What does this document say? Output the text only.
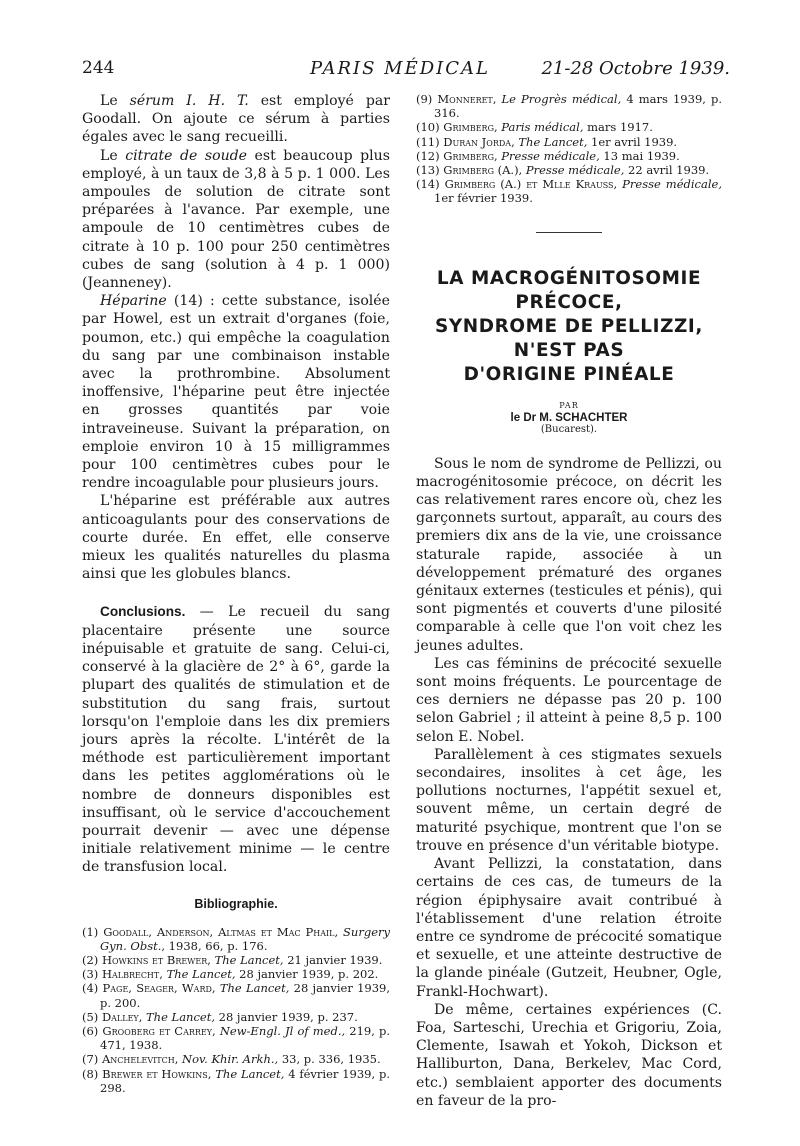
244	PARIS MÉDICAL	21-28 Octobre 1939.

Le sérum I. H. T. est employé par Goodall. On ajoute ce sérum à parties égales avec le sang recueilli.

Le citrate de soude est beaucoup plus employé, à un taux de 3,8 à 5 p. 1 000. Les ampoules de solution de citrate sont préparées à l'avance. Par exemple, une ampoule de 10 centimètres cubes de citrate à 10 p. 100 pour 250 centimètres cubes de sang (solution à 4 p. 1 000) (Jeanneney).

Héparine (14) : cette substance, isolée par Howel, est un extrait d'organes (foie, poumon, etc.) qui empêche la coagulation du sang par une combinaison instable avec la prothrombine. Absolument inoffensive, l'héparine peut être injectée en grosses quantités par voie intraveineuse. Suivant la préparation, on emploie environ 10 à 15 milligrammes pour 100 centimètres cubes pour le rendre incoagulable pour plusieurs jours.

L'héparine est préférable aux autres anticoagulants pour des conservations de courte durée. En effet, elle conserve mieux les qualités naturelles du plasma ainsi que les globules blancs.

Conclusions. — Le recueil du sang placentaire présente une source inépuisable et gratuite de sang. Celui-ci, conservé à la glacière de 2° à 6°, garde la plupart des qualités de stimulation et de substitution du sang frais, surtout lorsqu'on l'emploie dans les dix premiers jours après la récolte. L'intérêt de la méthode est particulièrement important dans les petites agglomérations où le nombre de donneurs disponibles est insuffisant, où le service d'accouchement pourrait devenir — avec une dépense initiale relativement minime — le centre de transfusion local.

Bibliographie.
(1) Goodall, Anderson, Altmas et Mac Phail, Surgery Gyn. Obst., 1938, 66, p. 176.
(2) Howkins et Brewer, The Lancet, 21 janvier 1939.
(3) Halbrecht, The Lancet, 28 janvier 1939, p. 202.
(4) Page, Seager, Ward, The Lancet, 28 janvier 1939, p. 200.
(5) Dalley, The Lancet, 28 janvier 1939, p. 237.
(6) Grooberg et Carrey, New-Engl. Jl of med., 219, p. 471, 1938.
(7) Anchelevitch, Nov. Khir. Arkh., 33, p. 336, 1935.
(8) Brewer et Howkins, The Lancet, 4 février 1939, p. 298.
(9) Monneret, Le Progrès médical, 4 mars 1939, p. 316.
(10) Grimberg, Paris médical, mars 1917.
(11) Duran Jorda, The Lancet, 1er avril 1939.
(12) Grimberg, Presse médicale, 13 mai 1939.
(13) Grimberg (A.), Presse médicale, 22 avril 1939.
(14) Grimberg (A.) et Mlle Krauss, Presse médicale, 1er février 1939.
LA MACROGÉNITOSOMIE
PRÉCOCE,
SYNDROME DE PELLIZZI,
N'EST PAS
D'ORIGINE PINÉALE
PAR
le Dr M. SCHACHTER
(Bucarest).

Sous le nom de syndrome de Pellizzi, ou macrogénitosomie précoce, on décrit les cas relativement rares encore où, chez les garçonnets surtout, apparaît, au cours des premiers dix ans de la vie, une croissance staturale rapide, associée à un développement prématuré des organes génitaux externes (testicules et pénis), qui sont pigmentés et couverts d'une pilosité comparable à celle que l'on voit chez les jeunes adultes.

Les cas féminins de précocité sexuelle sont moins fréquents. Le pourcentage de ces derniers ne dépasse pas 20 p. 100 selon Gabriel ; il atteint à peine 8,5 p. 100 selon E. Nobel.

Parallèlement à ces stigmates sexuels secondaires, insolites à cet âge, les pollutions nocturnes, l'appétit sexuel et, souvent même, un certain degré de maturité psychique, montrent que l'on se trouve en présence d'un véritable biotype.

Avant Pellizzi, la constatation, dans certains de ces cas, de tumeurs de la région épiphysaire avait contribué à l'établissement d'une relation étroite entre ce syndrome de précocité somatique et sexuelle, et une atteinte destructive de la glande pinéale (Gutzeit, Heubner, Ogle, Frankl-Hochwart).

De même, certaines expériences (C. Foa, Sarteschi, Urechia et Grigoriu, Zoia, Clemente, Isawah et Yokoh, Dickson et Halliburton, Dana, Berkelev, Mac Cord, etc.) semblaient apporter des documents en faveur de la pro-
